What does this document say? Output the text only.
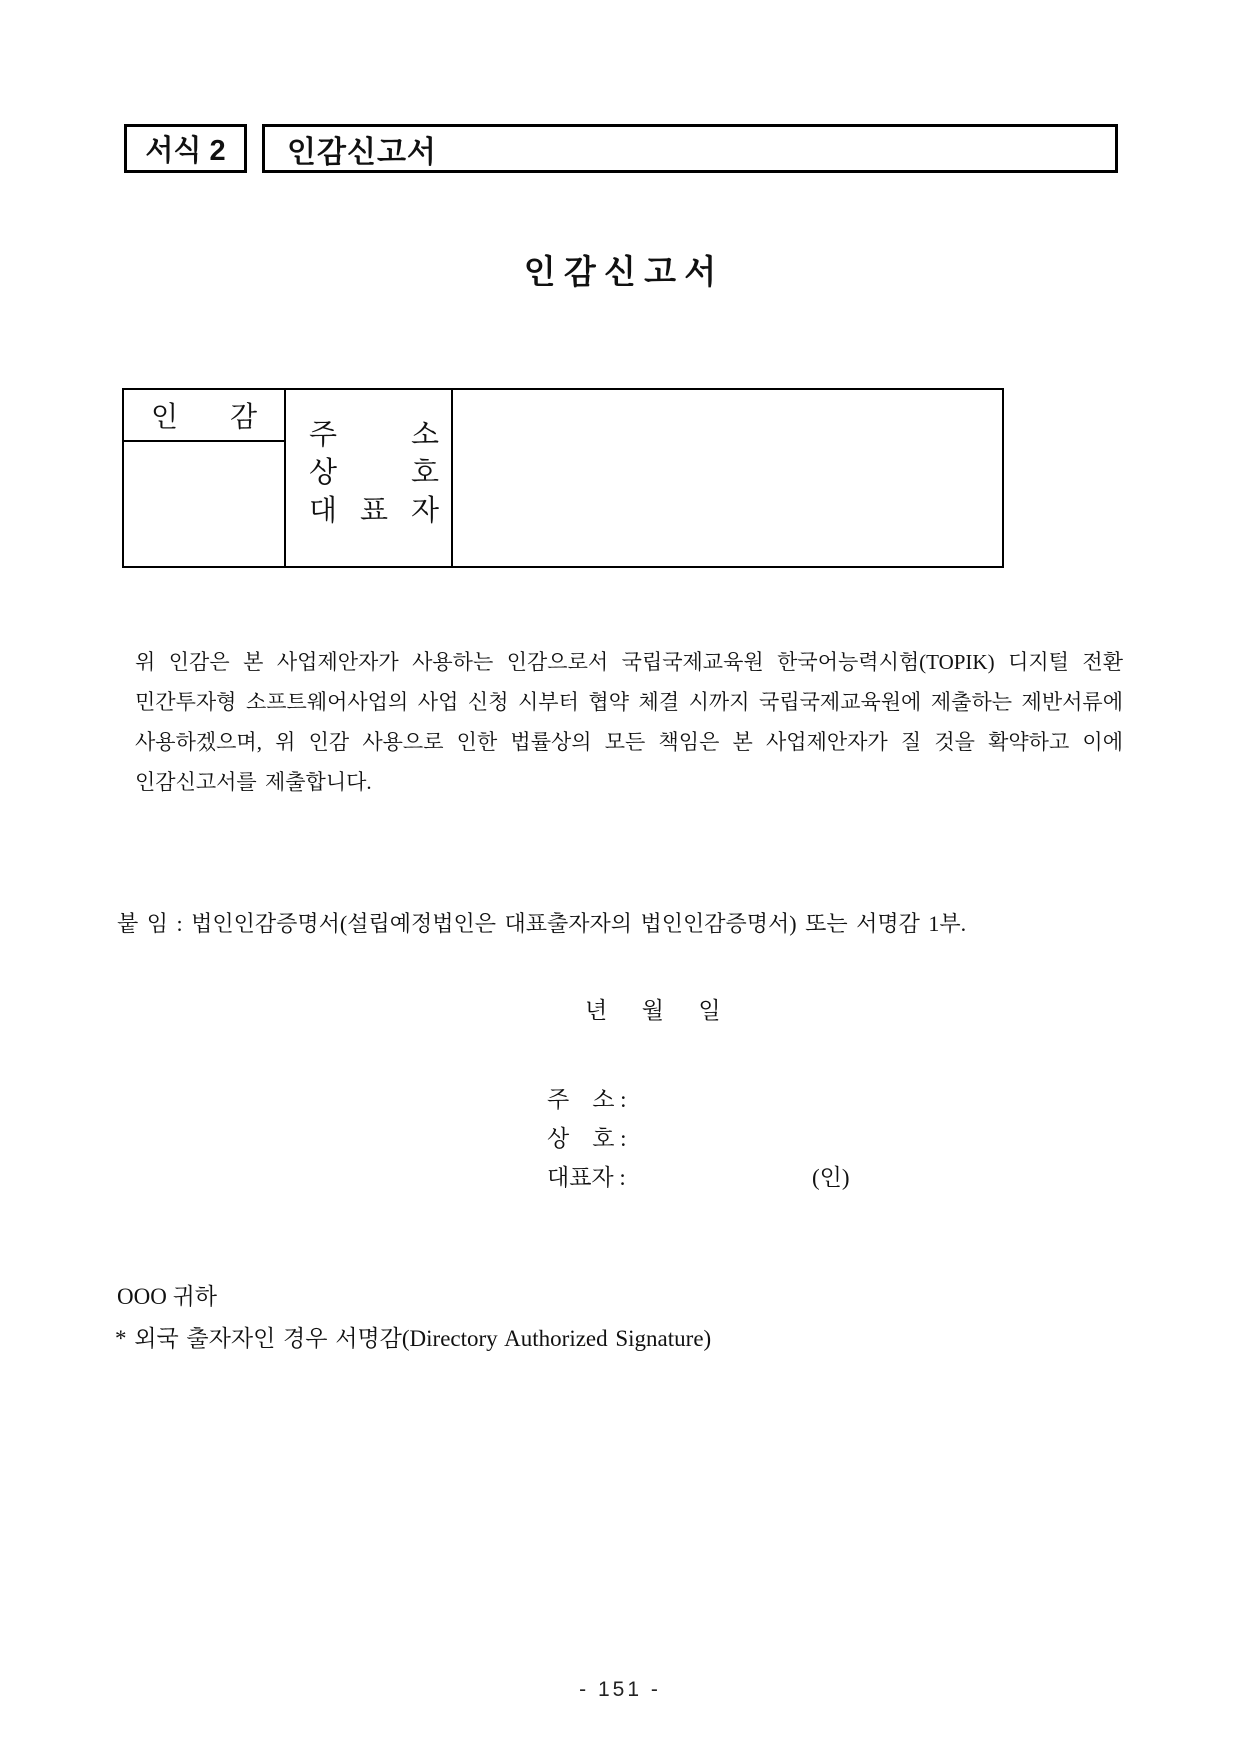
서식 2 인감신고서
인 감 신 고 서
인 감
주 소
상 호
대 표 자
위 인감은 본 사업제안자가 사용하는 인감으로서 국립국제교육원 한국어능력시험(TOPIK) 디지털 전환
민간투자형 소프트웨어사업의 사업 신청 시부터 협약 체결 시까지 국립국제교육원에 제출하는 제반서류에
사용하겠으며, 위 인감 사용으로 인한 법률상의 모든 책임은 본 사업제안자가 질 것을 확약하고 이에
인감신고서를 제출합니다.
붙 임 : 법인인감증명서(설립예정법인은 대표출자자의 법인인감증명서) 또는 서명감 1부.
년      월      일
주    소 :
상    호 :
대표자 :	(인)
OOO 귀하
* 외국 출자자인 경우 서명감(Directory Authorized Signature)
- 151 -
